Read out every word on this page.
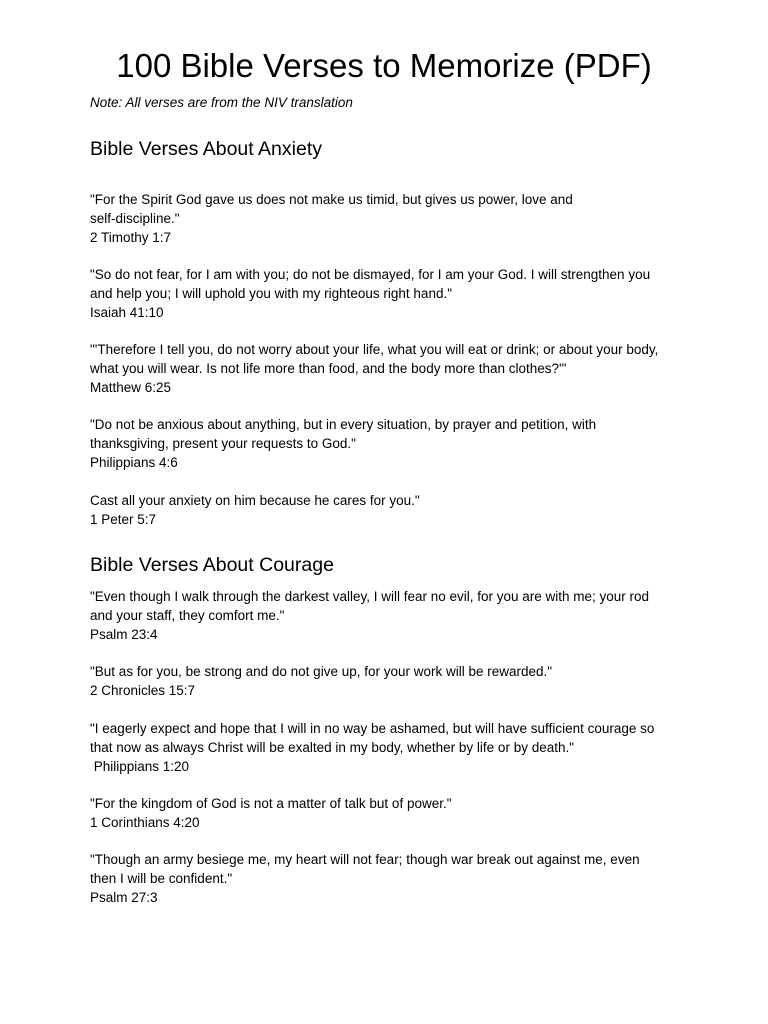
100 Bible Verses to Memorize (PDF)

Note: All verses are from the NIV translation

Bible Verses About Anxiety
"For the Spirit God gave us does not make us timid, but gives us power, love and
self-discipline."
2 Timothy 1:7
"So do not fear, for I am with you; do not be dismayed, for I am your God. I will strengthen you
and help you; I will uphold you with my righteous right hand."
Isaiah 41:10
"'Therefore I tell you, do not worry about your life, what you will eat or drink; or about your body,
what you will wear. Is not life more than food, and the body more than clothes?'"
Matthew 6:25
"Do not be anxious about anything, but in every situation, by prayer and petition, with
thanksgiving, present your requests to God."
Philippians 4:6
Cast all your anxiety on him because he cares for you."
1 Peter 5:7
Bible Verses About Courage
"Even though I walk through the darkest valley, I will fear no evil, for you are with me; your rod
and your staff, they comfort me."
Psalm 23:4
"But as for you, be strong and do not give up, for your work will be rewarded."
2 Chronicles 15:7
"I eagerly expect and hope that I will in no way be ashamed, but will have sufficient courage so
that now as always Christ will be exalted in my body, whether by life or by death."
Philippians 1:20
"For the kingdom of God is not a matter of talk but of power."
1 Corinthians 4:20
"Though an army besiege me, my heart will not fear; though war break out against me, even
then I will be confident."
Psalm 27:3
